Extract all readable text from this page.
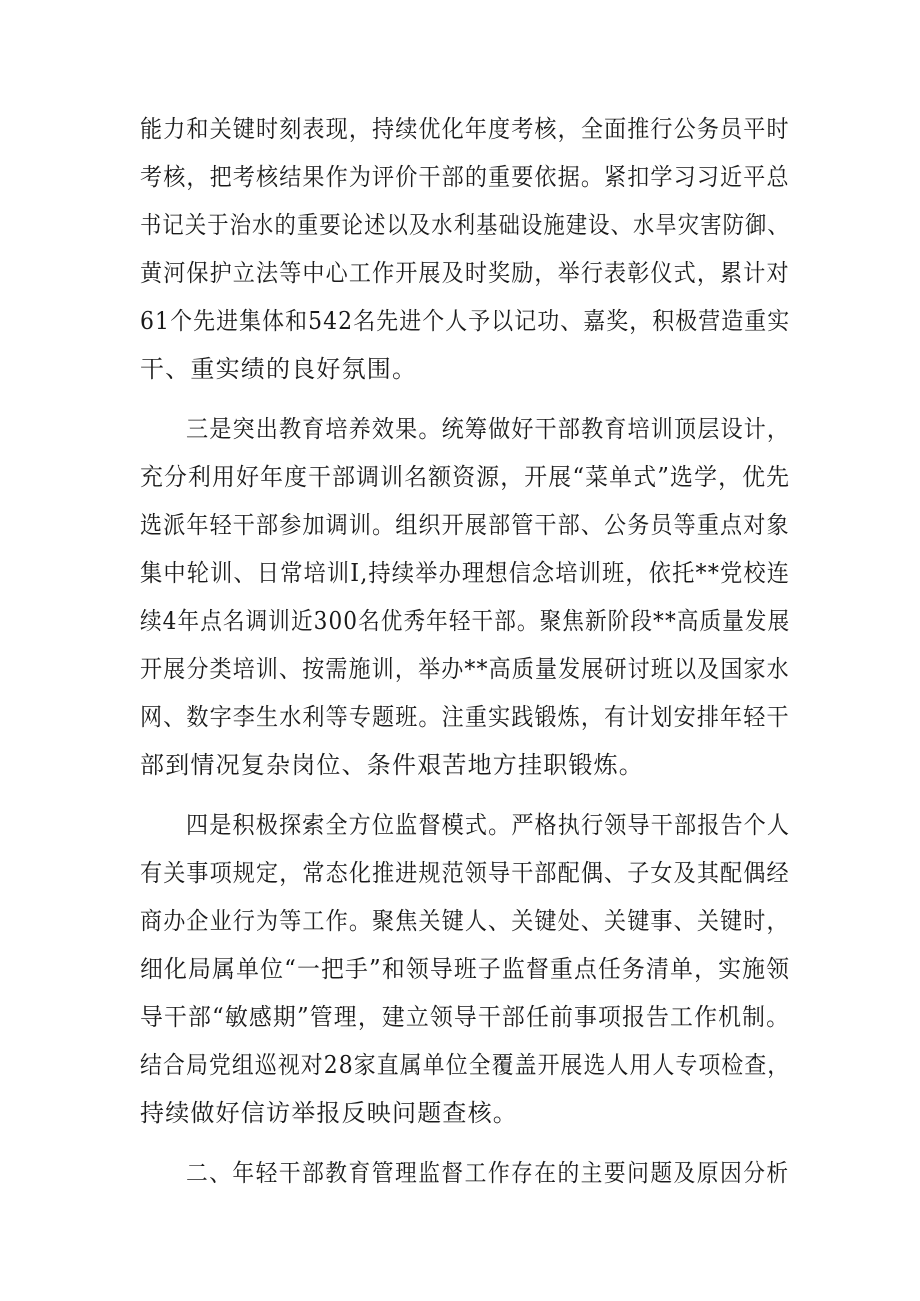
能力和关键时刻表现，持续优化年度考核，全面推行公务员平时
考核，把考核结果作为评价干部的重要依据。紧扣学习习近平总
书记关于治水的重要论述以及水利基础设施建设、水旱灾害防御、
黄河保护立法等中心工作开展及时奖励，举行表彰仪式，累计对
61个先进集体和542名先进个人予以记功、嘉奖，积极营造重实
干、重实绩的良好氛围。
三是突出教育培养效果。统筹做好干部教育培训顶层设计，
充分利用好年度干部调训名额资源，开展“菜单式”选学，优先
选派年轻干部参加调训。组织开展部管干部、公务员等重点对象
集中轮训、日常培训I,持续举办理想信念培训班，依托**党校连
续4年点名调训近300名优秀年轻干部。聚焦新阶段**高质量发展
开展分类培训、按需施训，举办**高质量发展研讨班以及国家水
网、数字李生水利等专题班。注重实践锻炼，有计划安排年轻干
部到情况复杂岗位、条件艰苦地方挂职锻炼。
四是积极探索全方位监督模式。严格执行领导干部报告个人
有关事项规定，常态化推进规范领导干部配偶、子女及其配偶经
商办企业行为等工作。聚焦关键人、关键处、关键事、关键时，
细化局属单位“一把手”和领导班子监督重点任务清单，实施领
导干部“敏感期”管理，建立领导干部任前事项报告工作机制。
结合局党组巡视对28家直属单位全覆盖开展选人用人专项检查，
持续做好信访举报反映问题查核。
二、年轻干部教育管理监督工作存在的主要问题及原因分析
